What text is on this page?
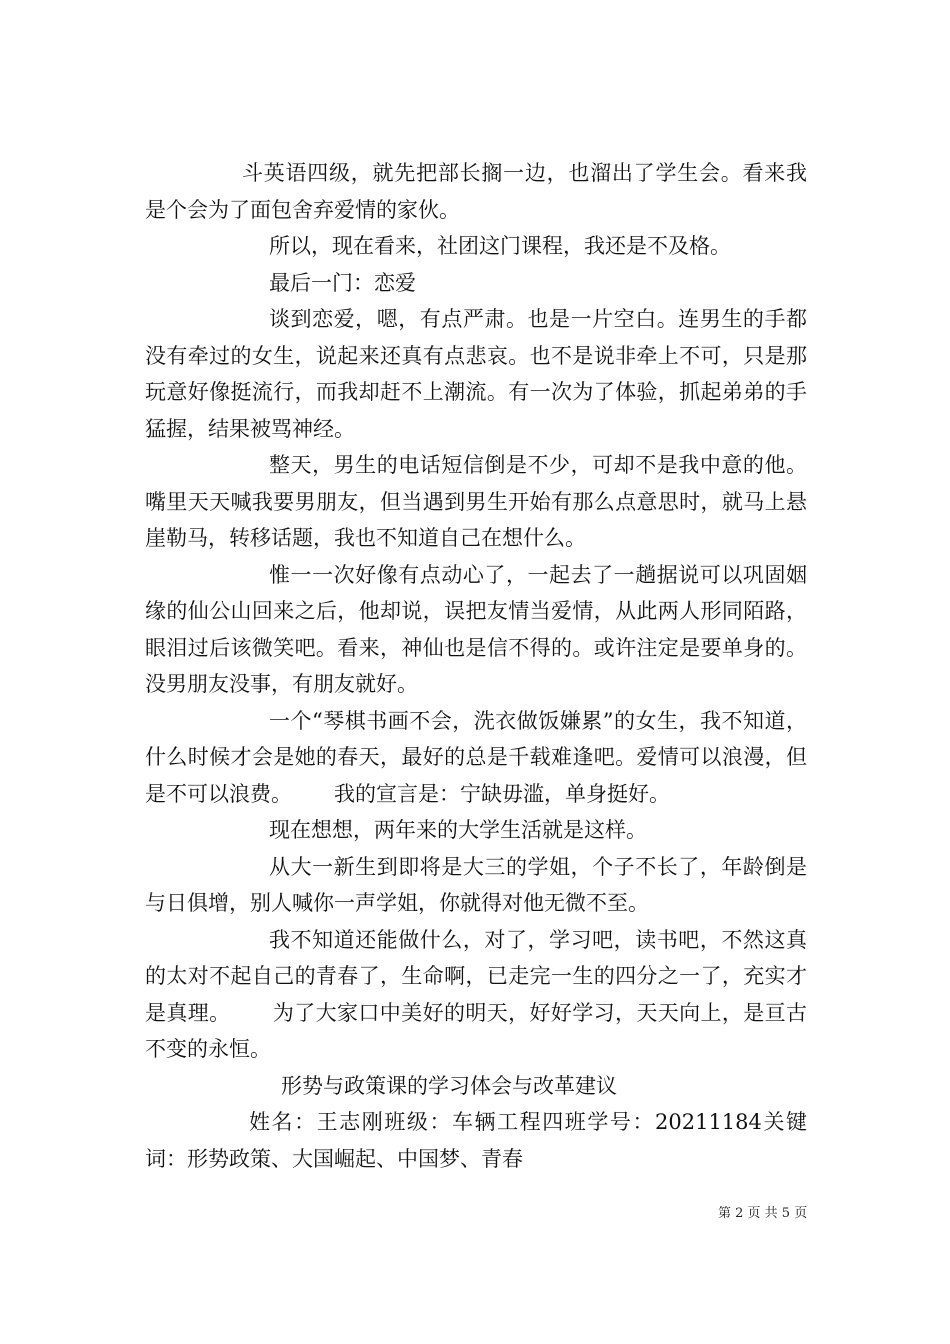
斗英语四级，就先把部长搁一边，也溜出了学生会。看来我是个会为了面包舍弃爱情的家伙。

所以，现在看来，社团这门课程，我还是不及格。

最后一门：恋爱

谈到恋爱，嗯，有点严肃。也是一片空白。连男生的手都没有牵过的女生，说起来还真有点悲哀。也不是说非牵上不可，只是那玩意好像挺流行，而我却赶不上潮流。有一次为了体验，抓起弟弟的手猛握，结果被骂神经。

整天，男生的电话短信倒是不少，可却不是我中意的他。嘴里天天喊我要男朋友，但当遇到男生开始有那么点意思时，就马上悬崖勒马，转移话题，我也不知道自己在想什么。

惟一一次好像有点动心了，一起去了一趟据说可以巩固姻缘的仙公山回来之后，他却说，误把友情当爱情，从此两人形同陌路，眼泪过后该微笑吧。看来，神仙也是信不得的。或许注定是要单身的。没男朋友没事，有朋友就好。

一个“琴棋书画不会，洗衣做饭嫌累”的女生，我不知道，什么时候才会是她的春天，最好的总是千载难逢吧。爱情可以浪漫，但是不可以浪费。 我的宣言是：宁缺毋滥，单身挺好。

现在想想，两年来的大学生活就是这样。

从大一新生到即将是大三的学姐，个子不长了，年龄倒是与日俱增，别人喊你一声学姐，你就得对他无微不至。

我不知道还能做什么，对了，学习吧，读书吧，不然这真的太对不起自己的青春了，生命啊，已走完一生的四分之一了，充实才是真理。 为了大家口中美好的明天，好好学习，天天向上，是亘古不变的永恒。

形势与政策课的学习体会与改革建议

姓名：王志刚班级：车辆工程四班学号：20211184关键词：形势政策、大国崛起、中国梦、青春

第 2 页 共 5 页
